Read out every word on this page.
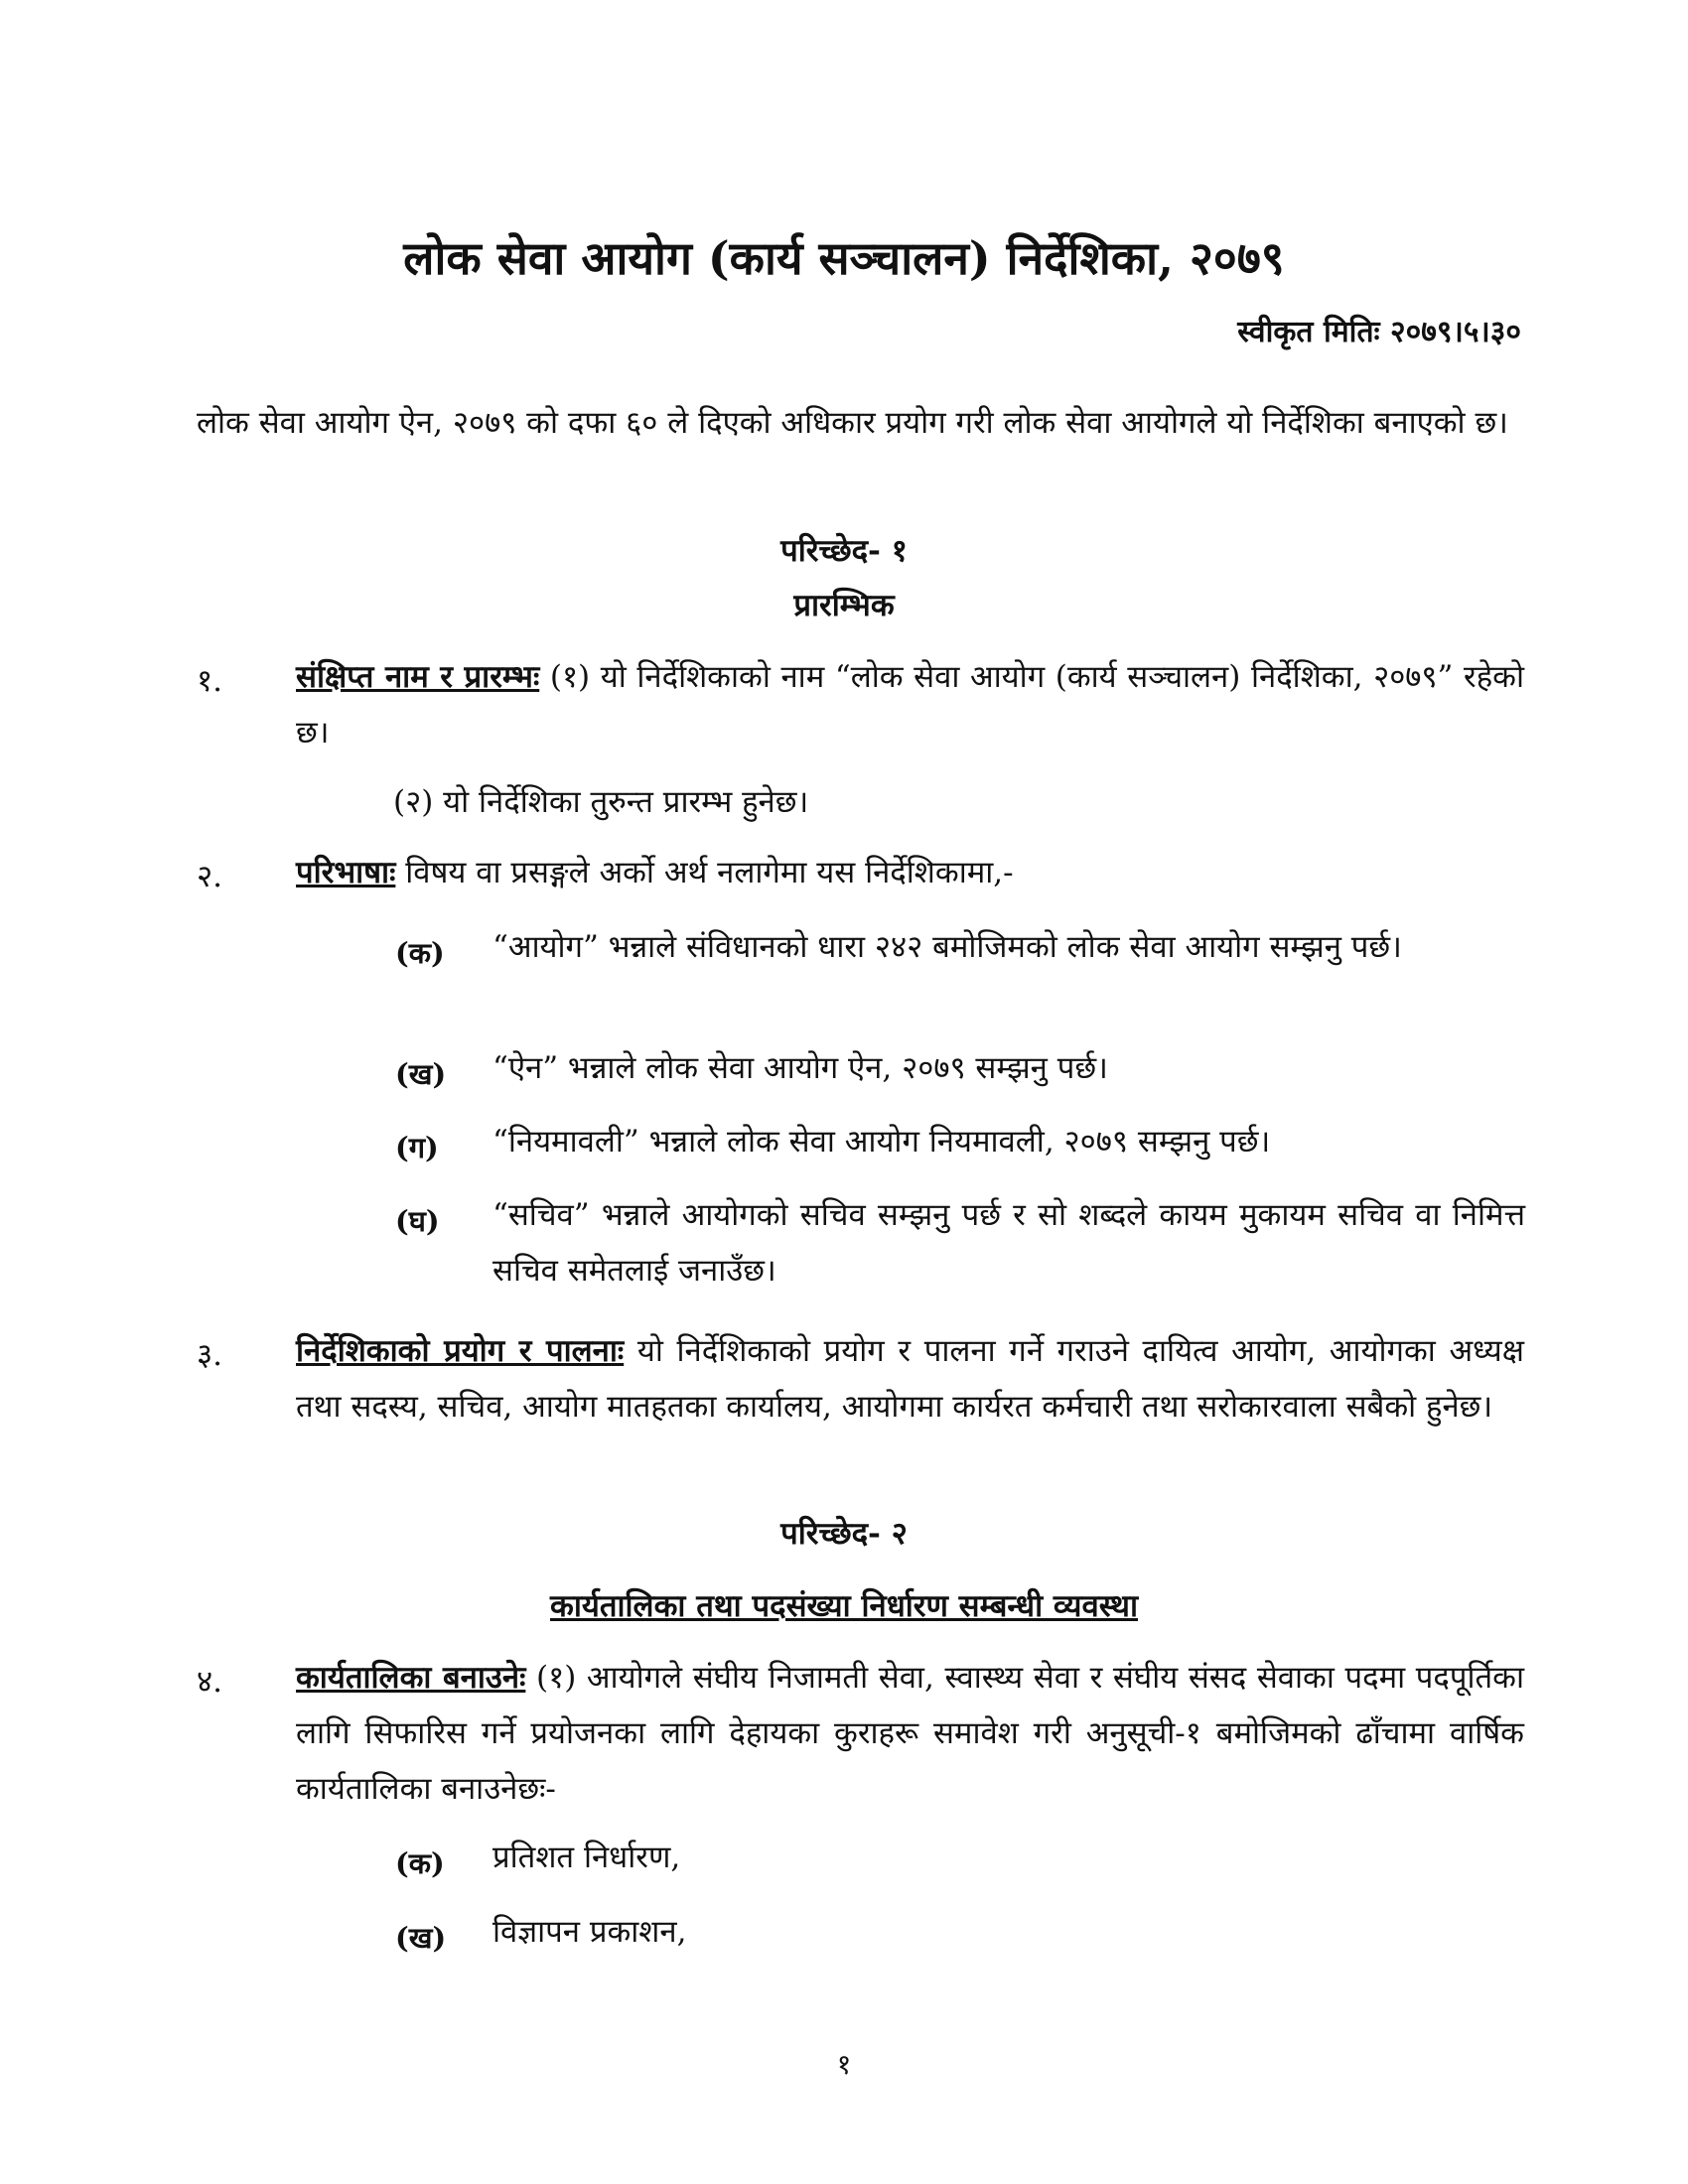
लोक सेवा आयोग (कार्य सञ्चालन) निर्देशिका, २०७९
स्वीकृत मितिः २०७९।५।३०
लोक सेवा आयोग ऐन, २०७९ को दफा ६० ले दिएको अधिकार प्रयोग गरी लोक सेवा आयोगले यो निर्देशिका बनाएको छ।
परिच्छेद- १
प्रारम्भिक
१. संक्षिप्त नाम र प्रारम्भः (१) यो निर्देशिकाको नाम “लोक सेवा आयोग (कार्य सञ्चालन) निर्देशिका, २०७९” रहेको छ।
(२) यो निर्देशिका तुरुन्त प्रारम्भ हुनेछ।
२. परिभाषाः विषय वा प्रसङ्गले अर्को अर्थ नलागेमा यस निर्देशिकामा,-
(क) “आयोग” भन्नाले संविधानको धारा २४२ बमोजिमको लोक सेवा आयोग सम्झनु पर्छ।
(ख) “ऐन” भन्नाले लोक सेवा आयोग ऐन, २०७९ सम्झनु पर्छ।
(ग) “नियमावली” भन्नाले लोक सेवा आयोग नियमावली, २०७९ सम्झनु पर्छ।
(घ) “सचिव” भन्नाले आयोगको सचिव सम्झनु पर्छ र सो शब्दले कायम मुकायम सचिव वा निमित्त सचिव समेतलाई जनाउँछ।
३. निर्देशिकाको प्रयोग र पालनाः यो निर्देशिकाको प्रयोग र पालना गर्ने गराउने दायित्व आयोग, आयोगका अध्यक्ष तथा सदस्य, सचिव, आयोग मातहतका कार्यालय, आयोगमा कार्यरत कर्मचारी तथा सरोकारवाला सबैको हुनेछ।
परिच्छेद- २
कार्यतालिका तथा पदसंख्या निर्धारण सम्बन्धी व्यवस्था
४. कार्यतालिका बनाउनेः (१) आयोगले संघीय निजामती सेवा, स्वास्थ्य सेवा र संघीय संसद सेवाका पदमा पदपूर्तिका लागि सिफारिस गर्ने प्रयोजनका लागि देहायका कुराहरू समावेश गरी अनुसूची-१ बमोजिमको ढाँचामा वार्षिक कार्यतालिका बनाउनेछः-
(क) प्रतिशत निर्धारण,
(ख) विज्ञापन प्रकाशन,
१
